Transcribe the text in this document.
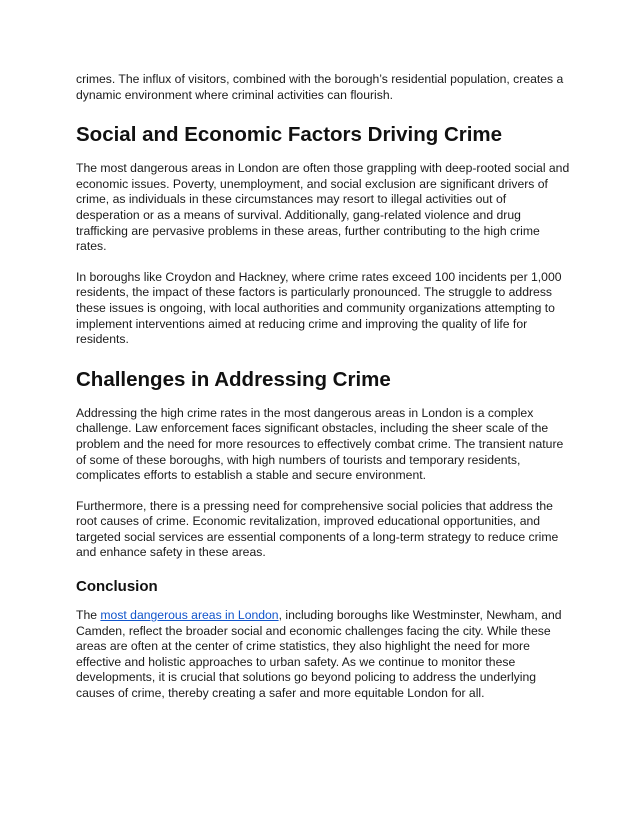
crimes. The influx of visitors, combined with the borough’s residential population, creates a dynamic environment where criminal activities can flourish.

Social and Economic Factors Driving Crime

The most dangerous areas in London are often those grappling with deep-rooted social and economic issues. Poverty, unemployment, and social exclusion are significant drivers of crime, as individuals in these circumstances may resort to illegal activities out of desperation or as a means of survival. Additionally, gang-related violence and drug trafficking are pervasive problems in these areas, further contributing to the high crime rates.

In boroughs like Croydon and Hackney, where crime rates exceed 100 incidents per 1,000 residents, the impact of these factors is particularly pronounced. The struggle to address these issues is ongoing, with local authorities and community organizations attempting to implement interventions aimed at reducing crime and improving the quality of life for residents.

Challenges in Addressing Crime

Addressing the high crime rates in the most dangerous areas in London is a complex challenge. Law enforcement faces significant obstacles, including the sheer scale of the problem and the need for more resources to effectively combat crime. The transient nature of some of these boroughs, with high numbers of tourists and temporary residents, complicates efforts to establish a stable and secure environment.

Furthermore, there is a pressing need for comprehensive social policies that address the root causes of crime. Economic revitalization, improved educational opportunities, and targeted social services are essential components of a long-term strategy to reduce crime and enhance safety in these areas.

Conclusion

The most dangerous areas in London, including boroughs like Westminster, Newham, and Camden, reflect the broader social and economic challenges facing the city. While these areas are often at the center of crime statistics, they also highlight the need for more effective and holistic approaches to urban safety. As we continue to monitor these developments, it is crucial that solutions go beyond policing to address the underlying causes of crime, thereby creating a safer and more equitable London for all.
